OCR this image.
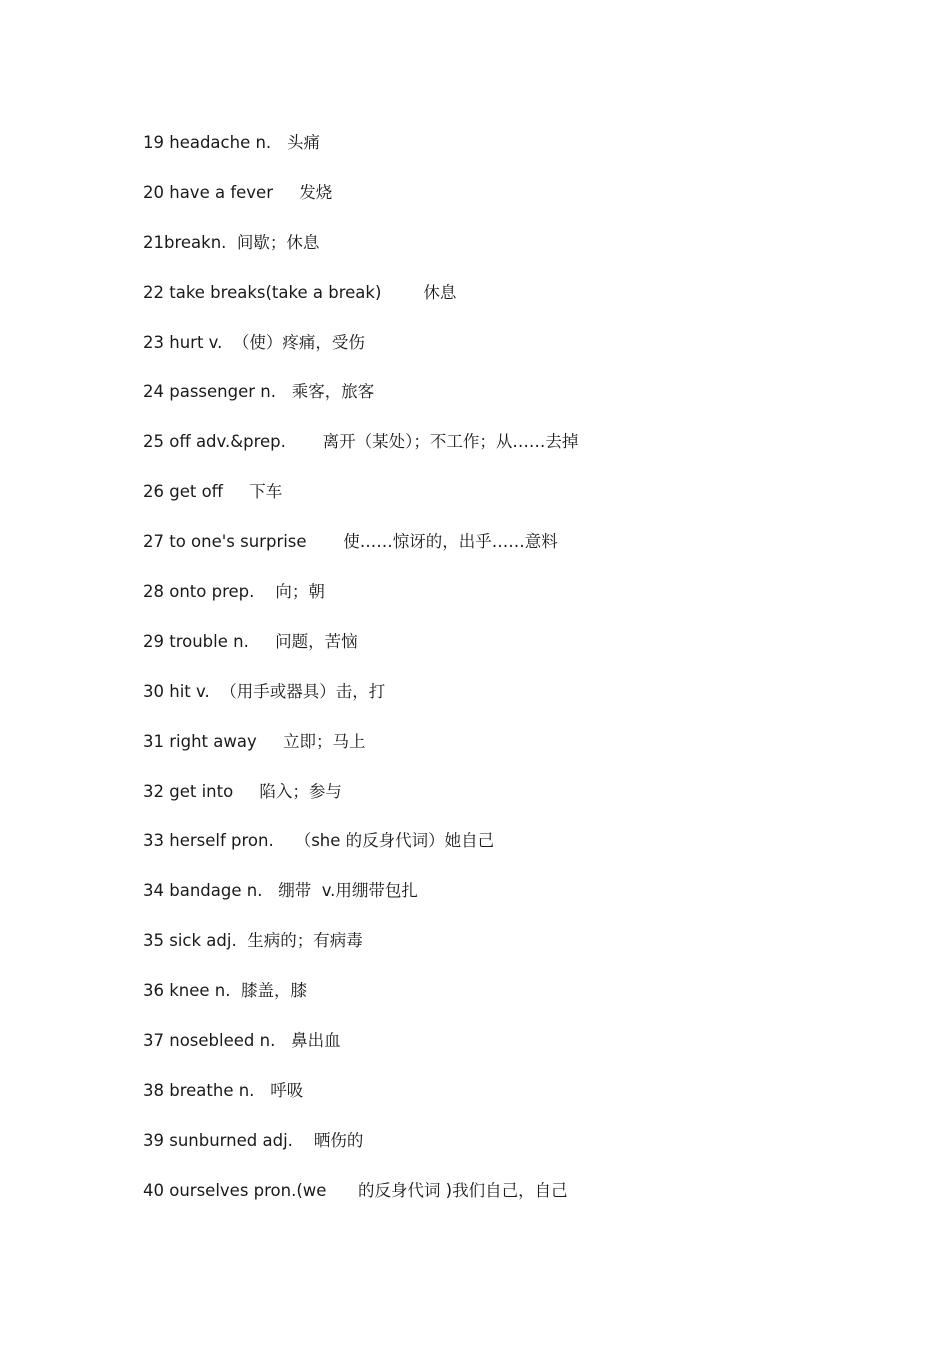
19 headache n. 头痛
20 have a fever 发烧
21breakn. 间歇；休息
22 take breaks(take a break)	休息
23 hurt v. （使）疼痛，受伤
24 passenger n. 乘客，旅客
25 off adv.&prep. 离开（某处）；不工作；从……去掉
26 get off 下车
27 to one's surprise 使……惊讶的，出乎……意料
28 onto prep. 向；朝
29 trouble n. 问题，苦恼
30 hit v. （用手或器具）击，打
31 right away 立即；马上
32 get into 陷入；参与
33 herself pron. （she 的反身代词）她自己
34 bandage n. 绷带  v.用绷带包扎
35 sick adj. 生病的；有病毒
36 knee n. 膝盖，膝
37 nosebleed n. 鼻出血
38 breathe n. 呼吸
39 sunburned adj. 晒伤的
40 ourselves pron.(we 的反身代词 )我们自己，自己
